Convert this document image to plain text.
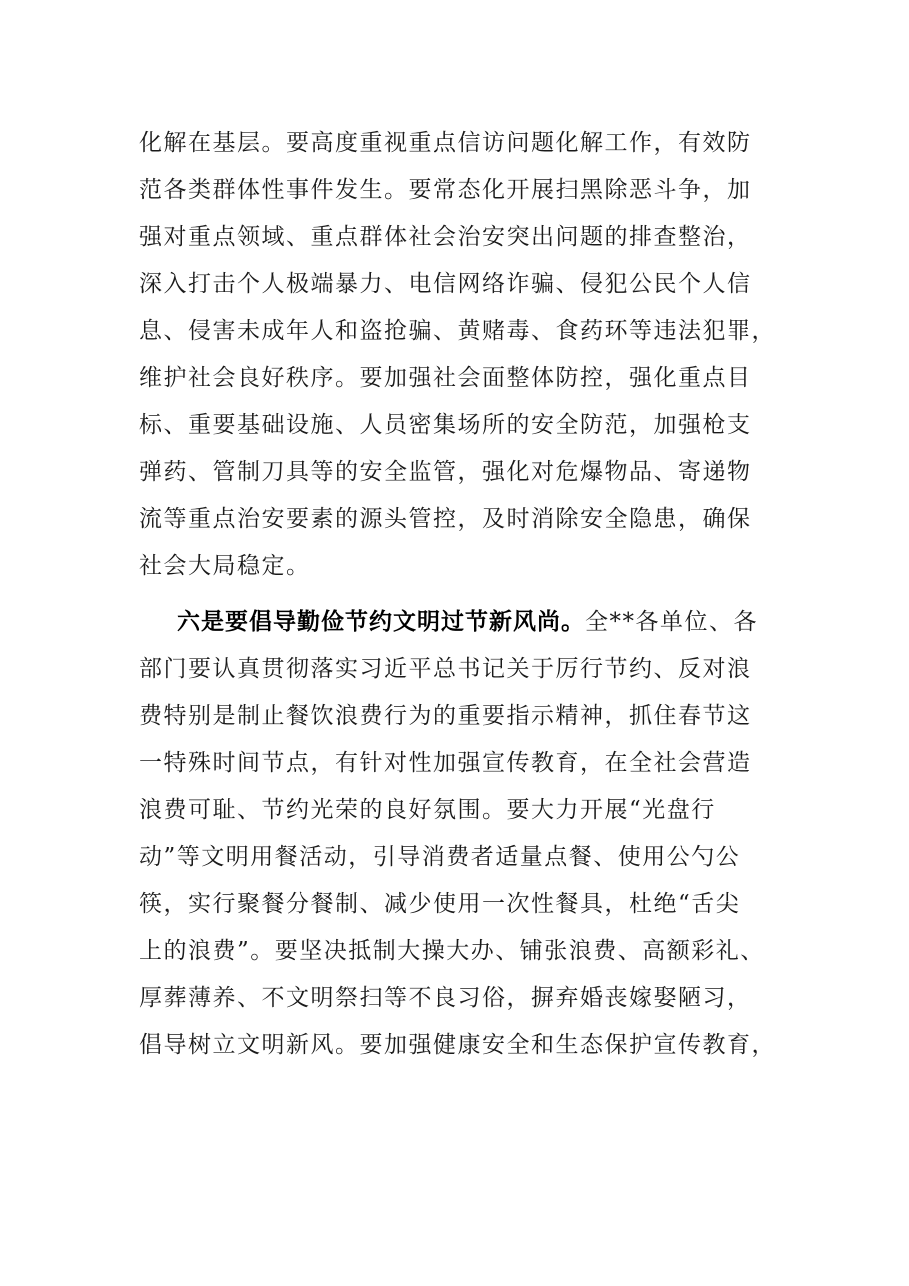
化解在基层。要高度重视重点信访问题化解工作，有效防
范各类群体性事件发生。要常态化开展扫黑除恶斗争，加
强对重点领域、重点群体社会治安突出问题的排查整治，
深入打击个人极端暴力、电信网络诈骗、侵犯公民个人信
息、侵害未成年人和盗抢骗、黄赌毒、食药环等违法犯罪，
维护社会良好秩序。要加强社会面整体防控，强化重点目
标、重要基础设施、人员密集场所的安全防范，加强枪支
弹药、管制刀具等的安全监管，强化对危爆物品、寄递物
流等重点治安要素的源头管控，及时消除安全隐患，确保
社会大局稳定。
六是要倡导勤俭节约文明过节新风尚。全**各单位、各
部门要认真贯彻落实习近平总书记关于厉行节约、反对浪
费特别是制止餐饮浪费行为的重要指示精神，抓住春节这
一特殊时间节点，有针对性加强宣传教育，在全社会营造
浪费可耻、节约光荣的良好氛围。要大力开展“光盘行
动”等文明用餐活动，引导消费者适量点餐、使用公勺公
筷，实行聚餐分餐制、减少使用一次性餐具，杜绝“舌尖
上的浪费”。要坚决抵制大操大办、铺张浪费、高额彩礼、
厚葬薄养、不文明祭扫等不良习俗，摒弃婚丧嫁娶陋习，
倡导树立文明新风。要加强健康安全和生态保护宣传教育，
